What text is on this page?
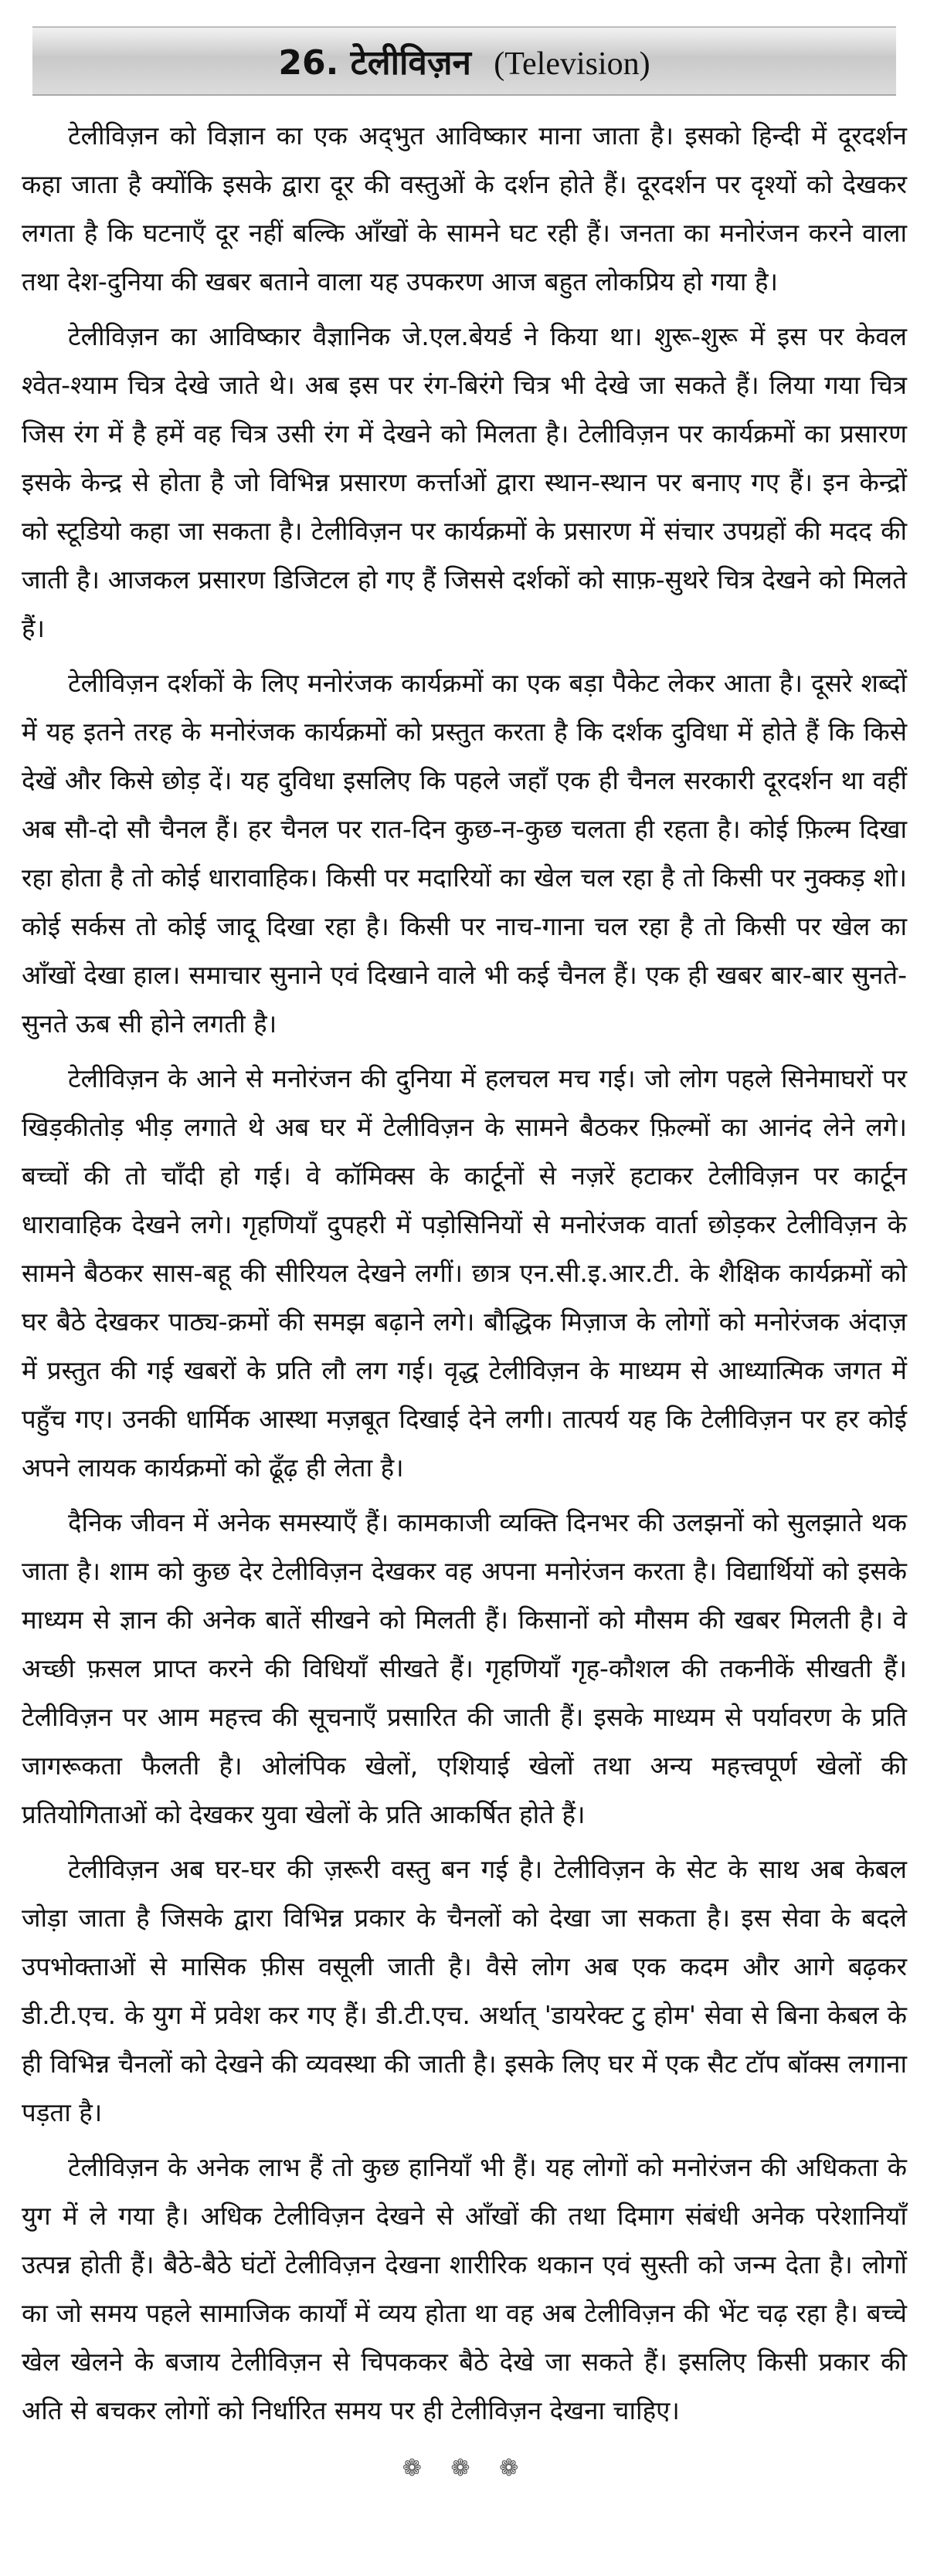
26. टेलीविज़न (Television)

टेलीविज़न को विज्ञान का एक अद्‌भुत आविष्कार माना जाता है। इसको हिन्दी में दूरदर्शन कहा जाता है क्योंकि इसके द्वारा दूर की वस्तुओं के दर्शन होते हैं। दूरदर्शन पर दृश्यों को देखकर लगता है कि घटनाएँ दूर नहीं बल्कि आँखों के सामने घट रही हैं। जनता का मनोरंजन करने वाला तथा देश-दुनिया की खबर बताने वाला यह उपकरण आज बहुत लोकप्रिय हो गया है।

टेलीविज़न का आविष्कार वैज्ञानिक जे.एल.बेयर्ड ने किया था। शुरू-शुरू में इस पर केवल श्वेत-श्याम चित्र देखे जाते थे। अब इस पर रंग-बिरंगे चित्र भी देखे जा सकते हैं। लिया गया चित्र जिस रंग में है हमें वह चित्र उसी रंग में देखने को मिलता है। टेलीविज़न पर कार्यक्रमों का प्रसारण इसके केन्द्र से होता है जो विभिन्न प्रसारण कर्त्ताओं द्वारा स्थान-स्थान पर बनाए गए हैं। इन केन्द्रों को स्टूडियो कहा जा सकता है। टेलीविज़न पर कार्यक्रमों के प्रसारण में संचार उपग्रहों की मदद की जाती है। आजकल प्रसारण डिजिटल हो गए हैं जिससे दर्शकों को साफ़-सुथरे चित्र देखने को मिलते हैं।

टेलीविज़न दर्शकों के लिए मनोरंजक कार्यक्रमों का एक बड़ा पैकेट लेकर आता है। दूसरे शब्दों में यह इतने तरह के मनोरंजक कार्यक्रमों को प्रस्तुत करता है कि दर्शक दुविधा में होते हैं कि किसे देखें और किसे छोड़ दें। यह दुविधा इसलिए कि पहले जहाँ एक ही चैनल सरकारी दूरदर्शन था वहीं अब सौ-दो सौ चैनल हैं। हर चैनल पर रात-दिन कुछ-न-कुछ चलता ही रहता है। कोई फ़िल्म दिखा रहा होता है तो कोई धारावाहिक। किसी पर मदारियों का खेल चल रहा है तो किसी पर नुक्कड़ शो। कोई सर्कस तो कोई जादू दिखा रहा है। किसी पर नाच-गाना चल रहा है तो किसी पर खेल का आँखों देखा हाल। समाचार सुनाने एवं दिखाने वाले भी कई चैनल हैं। एक ही खबर बार-बार सुनते-सुनते ऊब सी होने लगती है।

टेलीविज़न के आने से मनोरंजन की दुनिया में हलचल मच गई। जो लोग पहले सिनेमाघरों पर खिड़कीतोड़ भीड़ लगाते थे अब घर में टेलीविज़न के सामने बैठकर फ़िल्मों का आनंद लेने लगे। बच्चों की तो चाँदी हो गई। वे कॉमिक्स के कार्टूनों से नज़रें हटाकर टेलीविज़न पर कार्टून धारावाहिक देखने लगे। गृहणियाँ दुपहरी में पड़ोसिनियों से मनोरंजक वार्ता छोड़कर टेलीविज़न के सामने बैठकर सास-बहू की सीरियल देखने लगीं। छात्र एन.सी.इ.आर.टी. के शैक्षिक कार्यक्रमों को घर बैठे देखकर पाठ्य-क्रमों की समझ बढ़ाने लगे। बौद्धिक मिज़ाज के लोगों को मनोरंजक अंदाज़ में प्रस्तुत की गई खबरों के प्रति लौ लग गई। वृद्ध टेलीविज़न के माध्यम से आध्यात्मिक जगत में पहुँच गए। उनकी धार्मिक आस्था मज़बूत दिखाई देने लगी। तात्पर्य यह कि टेलीविज़न पर हर कोई अपने लायक कार्यक्रमों को ढूँढ़ ही लेता है।

दैनिक जीवन में अनेक समस्याएँ हैं। कामकाजी व्यक्ति दिनभर की उलझनों को सुलझाते थक जाता है। शाम को कुछ देर टेलीविज़न देखकर वह अपना मनोरंजन करता है। विद्यार्थियों को इसके माध्यम से ज्ञान की अनेक बातें सीखने को मिलती हैं। किसानों को मौसम की खबर मिलती है। वे अच्छी फ़सल प्राप्त करने की विधियाँ सीखते हैं। गृहणियाँ गृह-कौशल की तकनीकें सीखती हैं। टेलीविज़न पर आम महत्त्व की सूचनाएँ प्रसारित की जाती हैं। इसके माध्यम से पर्यावरण के प्रति जागरूकता फैलती है। ओलंपिक खेलों, एशियाई खेलों तथा अन्य महत्त्वपूर्ण खेलों की प्रतियोगिताओं को देखकर युवा खेलों के प्रति आकर्षित होते हैं।

टेलीविज़न अब घर-घर की ज़रूरी वस्तु बन गई है। टेलीविज़न के सेट के साथ अब केबल जोड़ा जाता है जिसके द्वारा विभिन्न प्रकार के चैनलों को देखा जा सकता है। इस सेवा के बदले उपभोक्ताओं से मासिक फ़ीस वसूली जाती है। वैसे लोग अब एक कदम और आगे बढ़कर डी.टी.एच. के युग में प्रवेश कर गए हैं। डी.टी.एच. अर्थात् 'डायरेक्ट टु होम' सेवा से बिना केबल के ही विभिन्न चैनलों को देखने की व्यवस्था की जाती है। इसके लिए घर में एक सैट टॉप बॉक्स लगाना पड़ता है।

टेलीविज़न के अनेक लाभ हैं तो कुछ हानियाँ भी हैं। यह लोगों को मनोरंजन की अधिकता के युग में ले गया है। अधिक टेलीविज़न देखने से आँखों की तथा दिमाग संबंधी अनेक परेशानियाँ उत्पन्न होती हैं। बैठे-बैठे घंटों टेलीविज़न देखना शारीरिक थकान एवं सुस्ती को जन्म देता है। लोगों का जो समय पहले सामाजिक कार्यों में व्यय होता था वह अब टेलीविज़न की भेंट चढ़ रहा है। बच्चे खेल खेलने के बजाय टेलीविज़न से चिपककर बैठे देखे जा सकते हैं। इसलिए किसी प्रकार की अति से बचकर लोगों को निर्धारित समय पर ही टेलीविज़न देखना चाहिए।

❁ ❁ ❁
